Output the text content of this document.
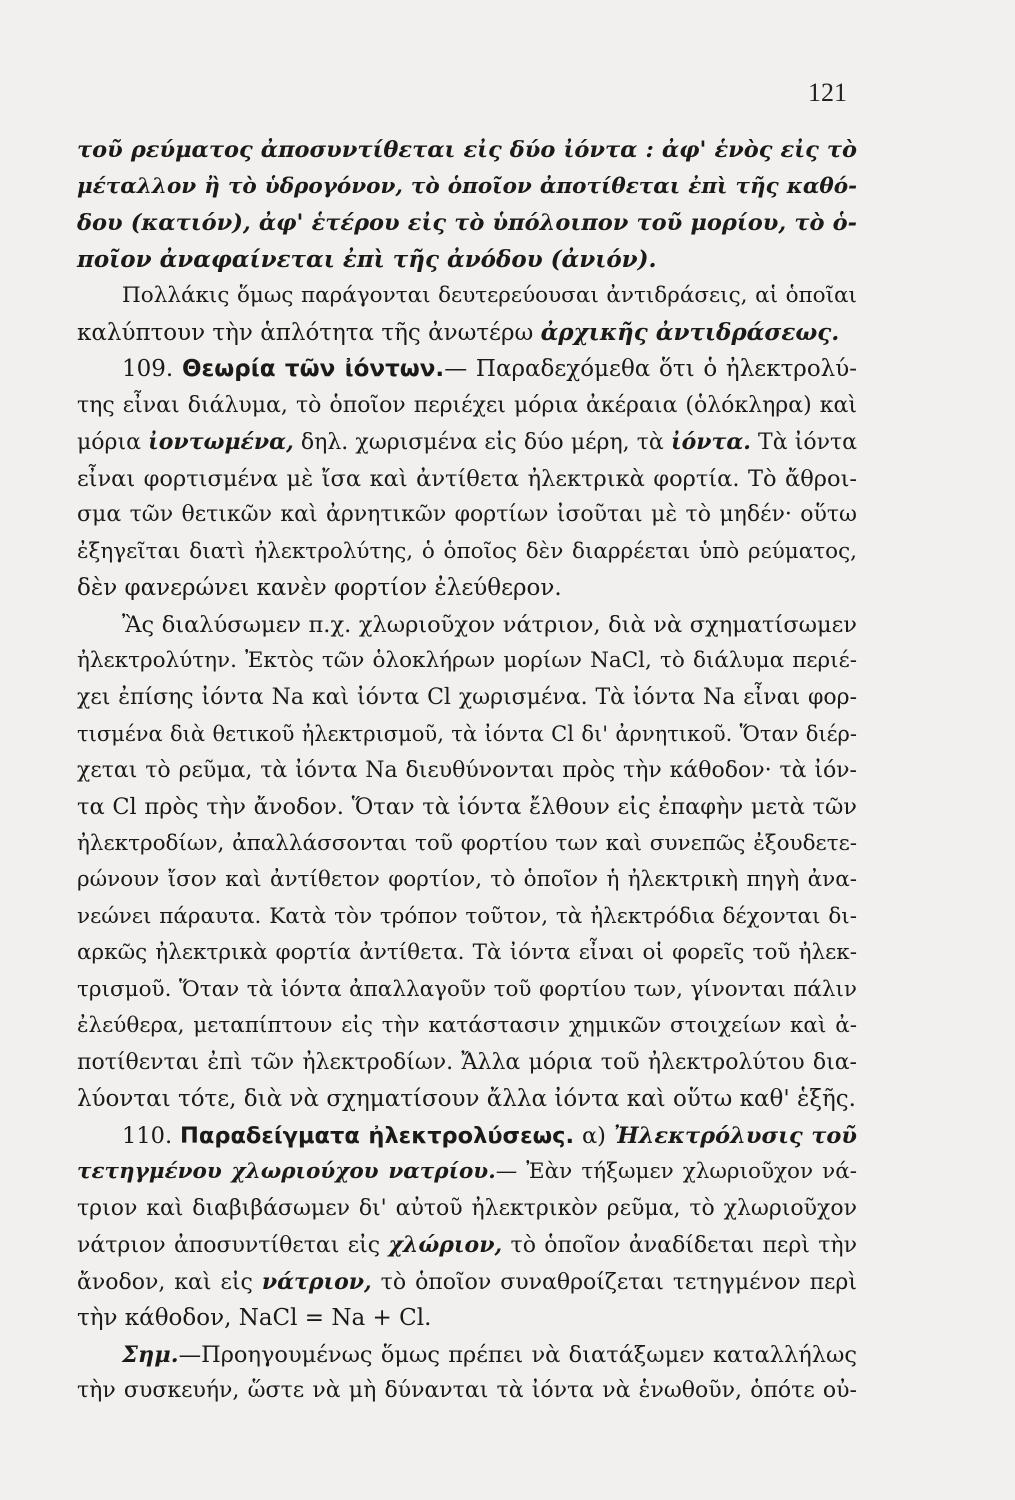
121
τοῦ ρεύματος ἀποσυντίθεται εἰς δύο ἰόντα : ἀφ' ἑνὸς εἰς τὸ
μέταλλον ἢ τὸ ὑδρογόνον, τὸ ὁποῖον ἀποτίθεται ἐπὶ τῆς καθό-
δου (κατιόν), ἀφ' ἑτέρου εἰς τὸ ὑπόλοιπον τοῦ μορίου, τὸ ὁ-
ποῖον ἀναφαίνεται ἐπὶ τῆς ἀνόδου (ἀνιόν).
Πολλάκις ὅμως παράγονται δευτερεύουσαι ἀντιδράσεις, αἱ ὁποῖαι
καλύπτουν τὴν ἁπλότητα τῆς ἀνωτέρω ἀρχικῆς ἀντιδράσεως.
109. Θεωρία τῶν ἰόντων.— Παραδεχόμεθα ὅτι ὁ ἠλεκτρολύ-
της εἶναι διάλυμα, τὸ ὁποῖον περιέχει μόρια ἀκέραια (ὁλόκληρα) καὶ
μόρια ἰοντωμένα, δηλ. χωρισμένα εἰς δύο μέρη, τὰ ἰόντα. Τὰ ἰόντα
εἶναι φορτισμένα μὲ ἴσα καὶ ἀντίθετα ἠλεκτρικὰ φορτία. Τὸ ἄθροι-
σμα τῶν θετικῶν καὶ ἀρνητικῶν φορτίων ἰσοῦται μὲ τὸ μηδέν· οὕτω
ἐξηγεῖται διατὶ ἠλεκτρολύτης, ὁ ὁποῖος δὲν διαρρέεται ὑπὸ ρεύματος,
δὲν φανερώνει κανὲν φορτίον ἐλεύθερον.
Ἂς διαλύσωμεν π.χ. χλωριοῦχον νάτριον, διὰ νὰ σχηματίσωμεν
ἠλεκτρολύτην. Ἐκτὸς τῶν ὁλοκλήρων μορίων NaCl, τὸ διάλυμα περιέ-
χει ἐπίσης ἰόντα Na καὶ ἰόντα Cl χωρισμένα. Τὰ ἰόντα Na εἶναι φορ-
τισμένα διὰ θετικοῦ ἠλεκτρισμοῦ, τὰ ἰόντα Cl δι' ἀρνητικοῦ. Ὅταν διέρ-
χεται τὸ ρεῦμα, τὰ ἰόντα Na διευθύνονται πρὸς τὴν κάθοδον· τὰ ἰόν-
τα Cl πρὸς τὴν ἄνοδον. Ὅταν τὰ ἰόντα ἔλθουν εἰς ἐπαφὴν μετὰ τῶν
ἠλεκτροδίων, ἀπαλλάσσονται τοῦ φορτίου των καὶ συνεπῶς ἐξουδετε-
ρώνουν ἴσον καὶ ἀντίθετον φορτίον, τὸ ὁποῖον ἡ ἠλεκτρικὴ πηγὴ ἀνα-
νεώνει πάραυτα. Κατὰ τὸν τρόπον τοῦτον, τὰ ἠλεκτρόδια δέχονται δι-
αρκῶς ἠλεκτρικὰ φορτία ἀντίθετα. Τὰ ἰόντα εἶναι οἱ φορεῖς τοῦ ἠλεκ-
τρισμοῦ. Ὅταν τὰ ἰόντα ἀπαλλαγοῦν τοῦ φορτίου των, γίνονται πάλιν
ἐλεύθερα, μεταπίπτουν εἰς τὴν κατάστασιν χημικῶν στοιχείων καὶ ἀ-
ποτίθενται ἐπὶ τῶν ἠλεκτροδίων. Ἄλλα μόρια τοῦ ἠλεκτρολύτου δια-
λύονται τότε, διὰ νὰ σχηματίσουν ἄλλα ἰόντα καὶ οὕτω καθ' ἑξῆς.
110. Παραδείγματα ἠλεκτρολύσεως. α) Ἠλεκτρόλυσις τοῦ
τετηγμένου χλωριούχου νατρίου.— Ἐὰν τήξωμεν χλωριοῦχον νά-
τριον καὶ διαβιβάσωμεν δι' αὐτοῦ ἠλεκτρικὸν ρεῦμα, τὸ χλωριοῦχον
νάτριον ἀποσυντίθεται εἰς χλώριον, τὸ ὁποῖον ἀναδίδεται περὶ τὴν
ἄνοδον, καὶ εἰς νάτριον, τὸ ὁποῖον συναθροίζεται τετηγμένον περὶ
τὴν κάθοδον, NaCl = Na + Cl.
Σημ.—Προηγουμένως ὅμως πρέπει νὰ διατάξωμεν καταλλήλως
τὴν συσκευήν, ὥστε νὰ μὴ δύνανται τὰ ἰόντα νὰ ἑνωθοῦν, ὁπότε οὐ-
